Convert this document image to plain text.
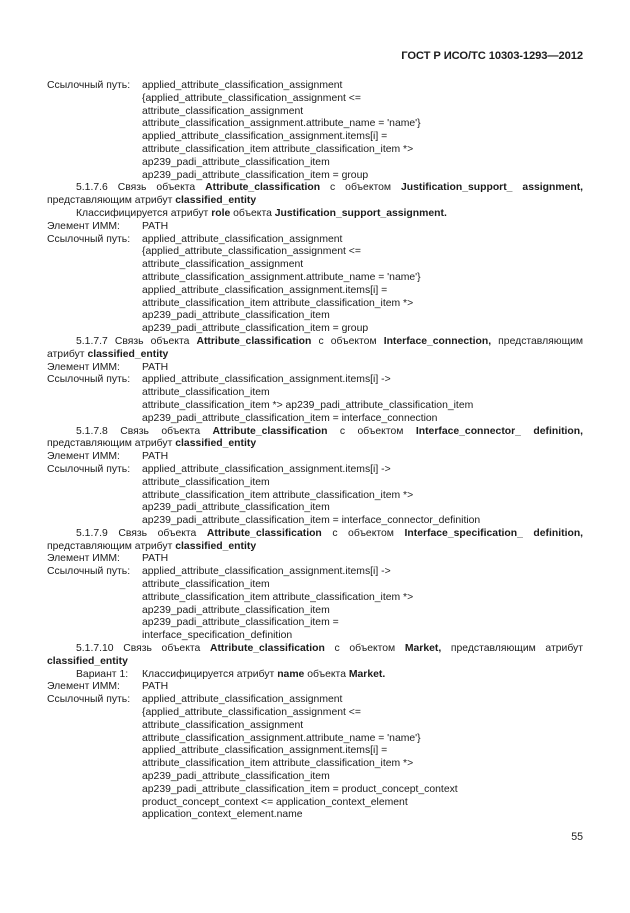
ГОСТ Р ИСО/ТС 10303-1293—2012
Ссылочный путь: applied_attribute_classification_assignment
{applied_attribute_classification_assignment <=
attribute_classification_assignment
attribute_classification_assignment.attribute_name = 'name'}
applied_attribute_classification_assignment.items[i] =
attribute_classification_item attribute_classification_item *>
ap239_padi_attribute_classification_item
ap239_padi_attribute_classification_item = group
5.1.7.6 Связь объекта Attribute_classification с объектом Justification_support_ assignment, представляющим атрибут classified_entity
Классифицируется атрибут role объекта Justification_support_assignment.
Элемент ИММ: PATH
Ссылочный путь: applied_attribute_classification_assignment
{applied_attribute_classification_assignment <=
attribute_classification_assignment
attribute_classification_assignment.attribute_name = 'name'}
applied_attribute_classification_assignment.items[i] =
attribute_classification_item attribute_classification_item *>
ap239_padi_attribute_classification_item
ap239_padi_attribute_classification_item = group
5.1.7.7 Связь объекта Attribute_classification с объектом Interface_connection, представляющим атрибут classified_entity
Элемент ИММ: PATH
Ссылочный путь: applied_attribute_classification_assignment.items[i] ->
attribute_classification_item
attribute_classification_item *> ap239_padi_attribute_classification_item
ap239_padi_attribute_classification_item = interface_connection
5.1.7.8 Связь объекта Attribute_classification с объектом Interface_connector_ definition, представляющим атрибут classified_entity
Элемент ИММ: PATH
Ссылочный путь: applied_attribute_classification_assignment.items[i] ->
attribute_classification_item
attribute_classification_item attribute_classification_item *>
ap239_padi_attribute_classification_item
ap239_padi_attribute_classification_item = interface_connector_definition
5.1.7.9 Связь объекта Attribute_classification с объектом Interface_specification_ definition, представляющим атрибут classified_entity
Элемент ИММ: PATH
Ссылочный путь: applied_attribute_classification_assignment.items[i] ->
attribute_classification_item
attribute_classification_item attribute_classification_item *>
ap239_padi_attribute_classification_item
ap239_padi_attribute_classification_item =
interface_specification_definition
5.1.7.10 Связь объекта Attribute_classification с объектом Market, представляющим атрибут classified_entity
Вариант 1: Классифицируется атрибут name объекта Market.
Элемент ИММ: PATH
Ссылочный путь: applied_attribute_classification_assignment
{applied_attribute_classification_assignment <=
attribute_classification_assignment
attribute_classification_assignment.attribute_name = 'name'}
applied_attribute_classification_assignment.items[i] =
attribute_classification_item attribute_classification_item *>
ap239_padi_attribute_classification_item
ap239_padi_attribute_classification_item = product_concept_context
product_concept_context <= application_context_element
application_context_element.name
55
